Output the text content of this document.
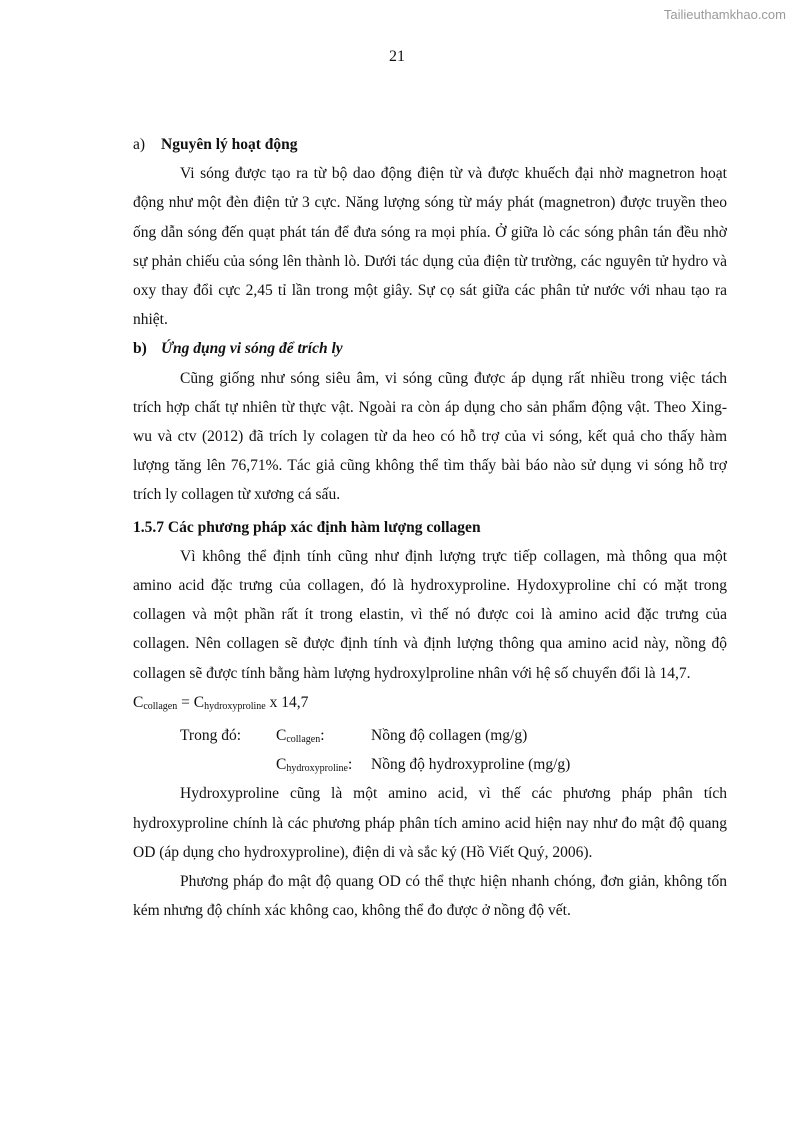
Tailieuthamkhao.com
21

a) Nguyên lý hoạt động

Vi sóng được tạo ra từ bộ dao động điện từ và được khuếch đại nhờ magnetron hoạt động như một đèn điện tử 3 cực. Năng lượng sóng từ máy phát (magnetron) được truyền theo ống dẫn sóng đến quạt phát tán để đưa sóng ra mọi phía. Ở giữa lò các sóng phân tán đều nhờ sự phản chiếu của sóng lên thành lò. Dưới tác dụng của điện từ trường, các nguyên tử hydro và oxy thay đổi cực 2,45 tỉ lần trong một giây. Sự cọ sát giữa các phân tử nước với nhau tạo ra nhiệt.

b) Ứng dụng vi sóng để trích ly

Cũng giống như sóng siêu âm, vi sóng cũng được áp dụng rất nhiều trong việc tách trích hợp chất tự nhiên từ thực vật. Ngoài ra còn áp dụng cho sản phẩm động vật. Theo Xing-wu và ctv (2012) đã trích ly colagen từ da heo có hỗ trợ của vi sóng, kết quả cho thấy hàm lượng tăng lên 76,71%. Tác giả cũng không thể tìm thấy bài báo nào sử dụng vi sóng hỗ trợ trích ly collagen từ xương cá sấu.

1.5.7 Các phương pháp xác định hàm lượng collagen

Vì không thể định tính cũng như định lượng trực tiếp collagen, mà thông qua một amino acid đặc trưng của collagen, đó là hydroxyproline. Hydoxyproline chỉ có mặt trong collagen và một phần rất ít trong elastin, vì thế nó được coi là amino acid đặc trưng của collagen. Nên collagen sẽ được định tính và định lượng thông qua amino acid này, nồng độ collagen sẽ được tính bằng hàm lượng hydroxylproline nhân với hệ số chuyển đổi là 14,7.

$C_{collagen} = C_{hydroxyproline}$ x 14,7

Trong đó: $C_{collagen}$:	Nồng độ collagen (mg/g)
$C_{hydroxyproline}$: Nồng độ hydroxyproline (mg/g)

Hydroxyproline cũng là một amino acid, vì thế các phương pháp phân tích hydroxyproline chính là các phương pháp phân tích amino acid hiện nay như đo mật độ quang OD (áp dụng cho hydroxyproline), điện di và sắc ký (Hồ Viết Quý, 2006).

Phương pháp đo mật độ quang OD có thể thực hiện nhanh chóng, đơn giản, không tốn kém nhưng độ chính xác không cao, không thể đo được ở nồng độ vết.
